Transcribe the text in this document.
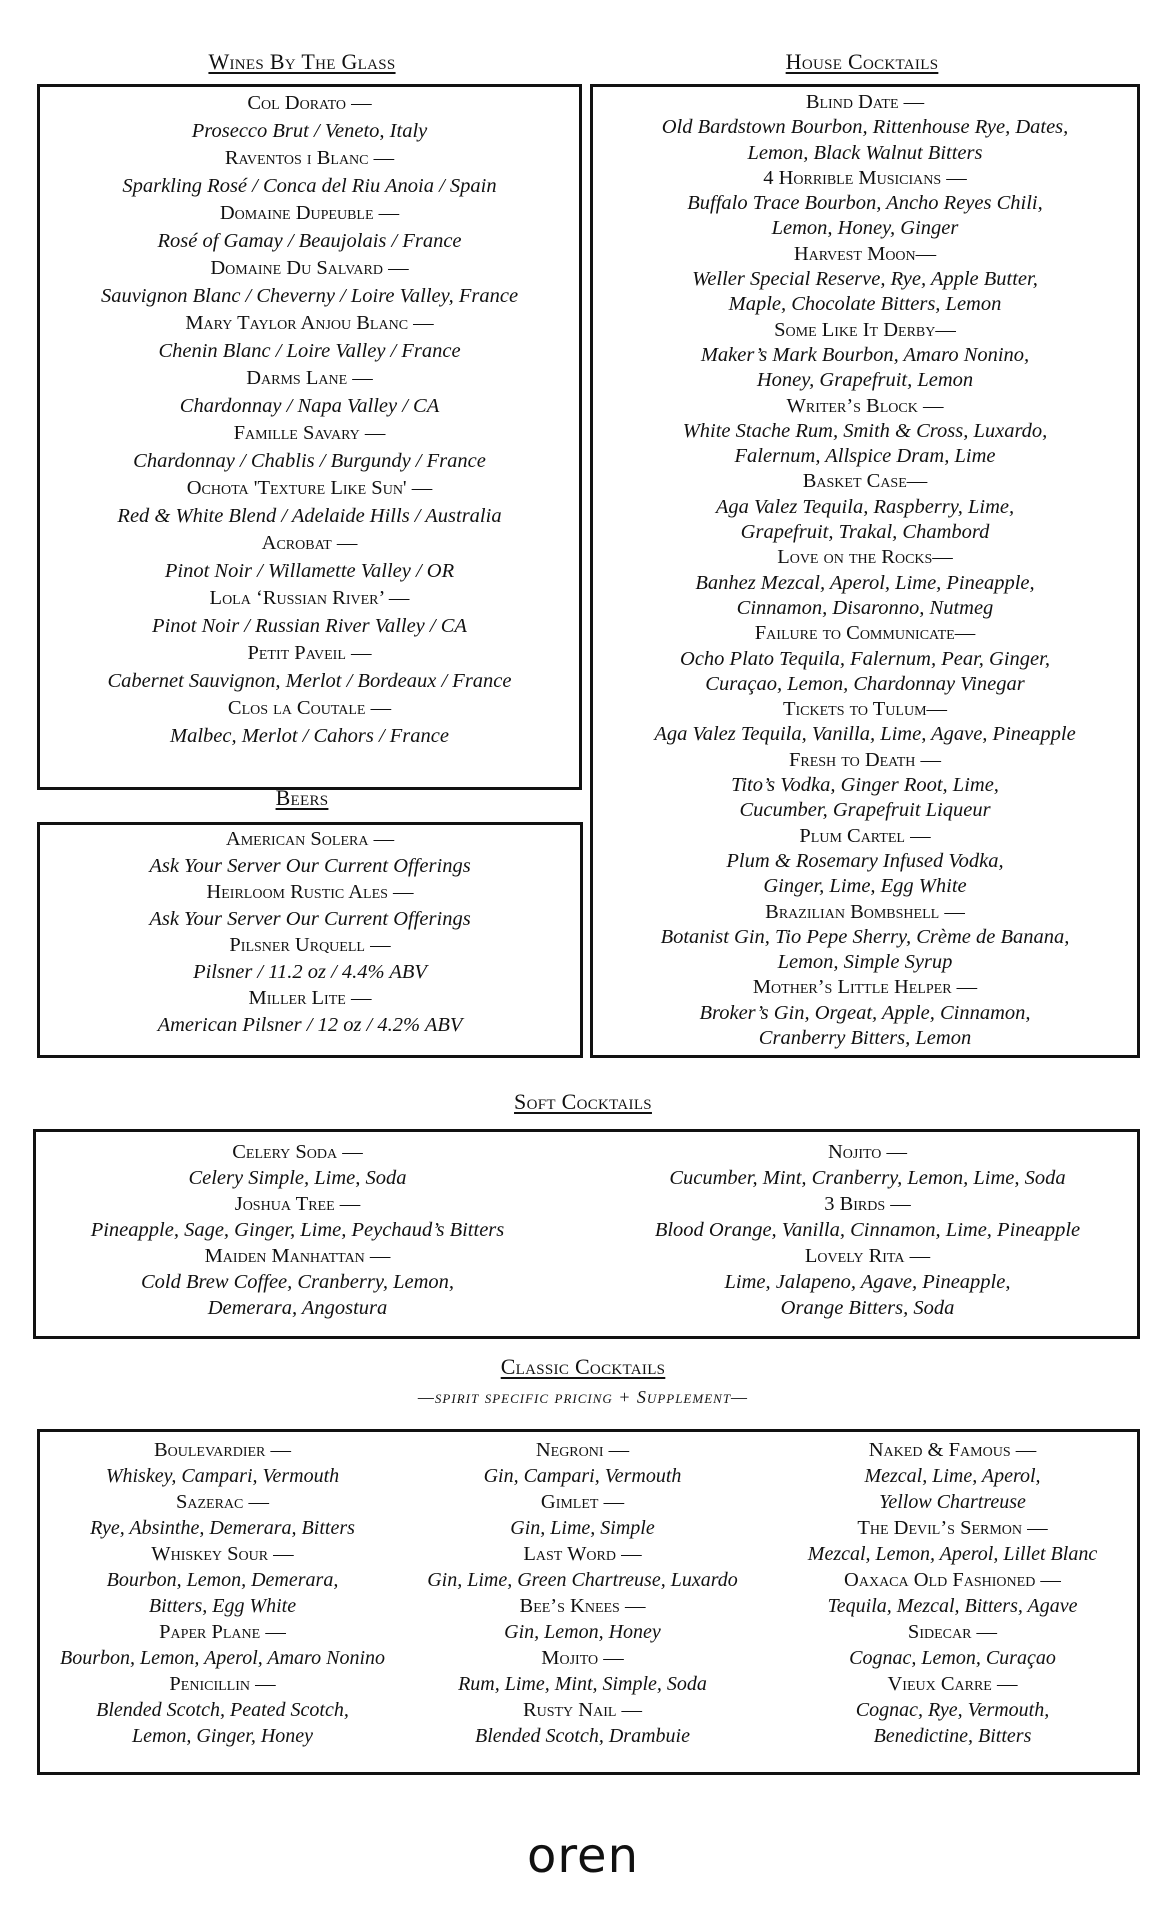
Wines By The Glass	House Cocktails
Col Dorato —
Prosecco Brut / Veneto, Italy
Raventos i Blanc —
Sparkling Rosé / Conca del Riu Anoia / Spain
Domaine Dupeuble —
Rosé of Gamay / Beaujolais / France
Domaine Du Salvard —
Sauvignon Blanc / Cheverny / Loire Valley, France
Mary Taylor Anjou Blanc —
Chenin Blanc / Loire Valley / France
Darms Lane —
Chardonnay / Napa Valley / CA
Famille Savary —
Chardonnay / Chablis / Burgundy / France
Ochota 'Texture Like Sun' —
Red & White Blend / Adelaide Hills / Australia
Acrobat —
Pinot Noir / Willamette Valley / OR
Lola ‘Russian River’ —
Pinot Noir / Russian River Valley / CA
Petit Paveil —
Cabernet Sauvignon, Merlot / Bordeaux / France
Clos la Coutale —
Malbec, Merlot / Cahors / France
Beers
American Solera —
Ask Your Server Our Current Offerings
Heirloom Rustic Ales —
Ask Your Server Our Current Offerings
Pilsner Urquell —
Pilsner / 11.2 oz / 4.4% ABV
Miller Lite —
American Pilsner / 12 oz / 4.2% ABV
Blind Date —
Old Bardstown Bourbon, Rittenhouse Rye, Dates,
Lemon, Black Walnut Bitters
4 Horrible Musicians —
Buffalo Trace Bourbon, Ancho Reyes Chili,
Lemon, Honey, Ginger
Harvest Moon—
Weller Special Reserve, Rye, Apple Butter,
Maple, Chocolate Bitters, Lemon
Some Like It Derby—
Maker’s Mark Bourbon, Amaro Nonino,
Honey, Grapefruit, Lemon
Writer’s Block —
White Stache Rum, Smith & Cross, Luxardo,
Falernum, Allspice Dram, Lime
Basket Case—
Aga Valez Tequila, Raspberry, Lime,
Grapefruit, Trakal, Chambord
Love on the Rocks—
Banhez Mezcal, Aperol, Lime, Pineapple,
Cinnamon, Disaronno, Nutmeg
Failure to Communicate—
Ocho Plato Tequila, Falernum, Pear, Ginger,
Curaçao, Lemon, Chardonnay Vinegar
Tickets to Tulum—
Aga Valez Tequila, Vanilla, Lime, Agave, Pineapple
Fresh to Death —
Tito’s Vodka, Ginger Root, Lime,
Cucumber, Grapefruit Liqueur
Plum Cartel —
Plum & Rosemary Infused Vodka,
Ginger, Lime, Egg White
Brazilian Bombshell —
Botanist Gin, Tio Pepe Sherry, Crème de Banana,
Lemon, Simple Syrup
Mother’s Little Helper —
Broker’s Gin, Orgeat, Apple, Cinnamon,
Cranberry Bitters, Lemon
Soft Cocktails
Celery Soda —
Celery Simple, Lime, Soda
Joshua Tree —
Pineapple, Sage, Ginger, Lime, Peychaud’s Bitters
Maiden Manhattan —
Cold Brew Coffee, Cranberry, Lemon,
Demerara, Angostura
Nojito —
Cucumber, Mint, Cranberry, Lemon, Lime, Soda
3 Birds —
Blood Orange, Vanilla, Cinnamon, Lime, Pineapple
Lovely Rita —
Lime, Jalapeno, Agave, Pineapple,
Orange Bitters, Soda
Classic Cocktails
—spirit specific pricing + Supplement—
Boulevardier —
Whiskey, Campari, Vermouth
Sazerac —
Rye, Absinthe, Demerara, Bitters
Whiskey Sour —
Bourbon, Lemon, Demerara,
Bitters, Egg White
Paper Plane —
Bourbon, Lemon, Aperol, Amaro Nonino
Penicillin —
Blended Scotch, Peated Scotch,
Lemon, Ginger, Honey
Negroni —
Gin, Campari, Vermouth
Gimlet —
Gin, Lime, Simple
Last Word —
Gin, Lime, Green Chartreuse, Luxardo
Bee’s Knees —
Gin, Lemon, Honey
Mojito —
Rum, Lime, Mint, Simple, Soda
Rusty Nail —
Blended Scotch, Drambuie
Naked & Famous —
Mezcal, Lime, Aperol,
Yellow Chartreuse
The Devil’s Sermon —
Mezcal, Lemon, Aperol, Lillet Blanc
Oaxaca Old Fashioned —
Tequila, Mezcal, Bitters, Agave
Sidecar —
Cognac, Lemon, Curaçao
Vieux Carre —
Cognac, Rye, Vermouth,
Benedictine, Bitters
oren
